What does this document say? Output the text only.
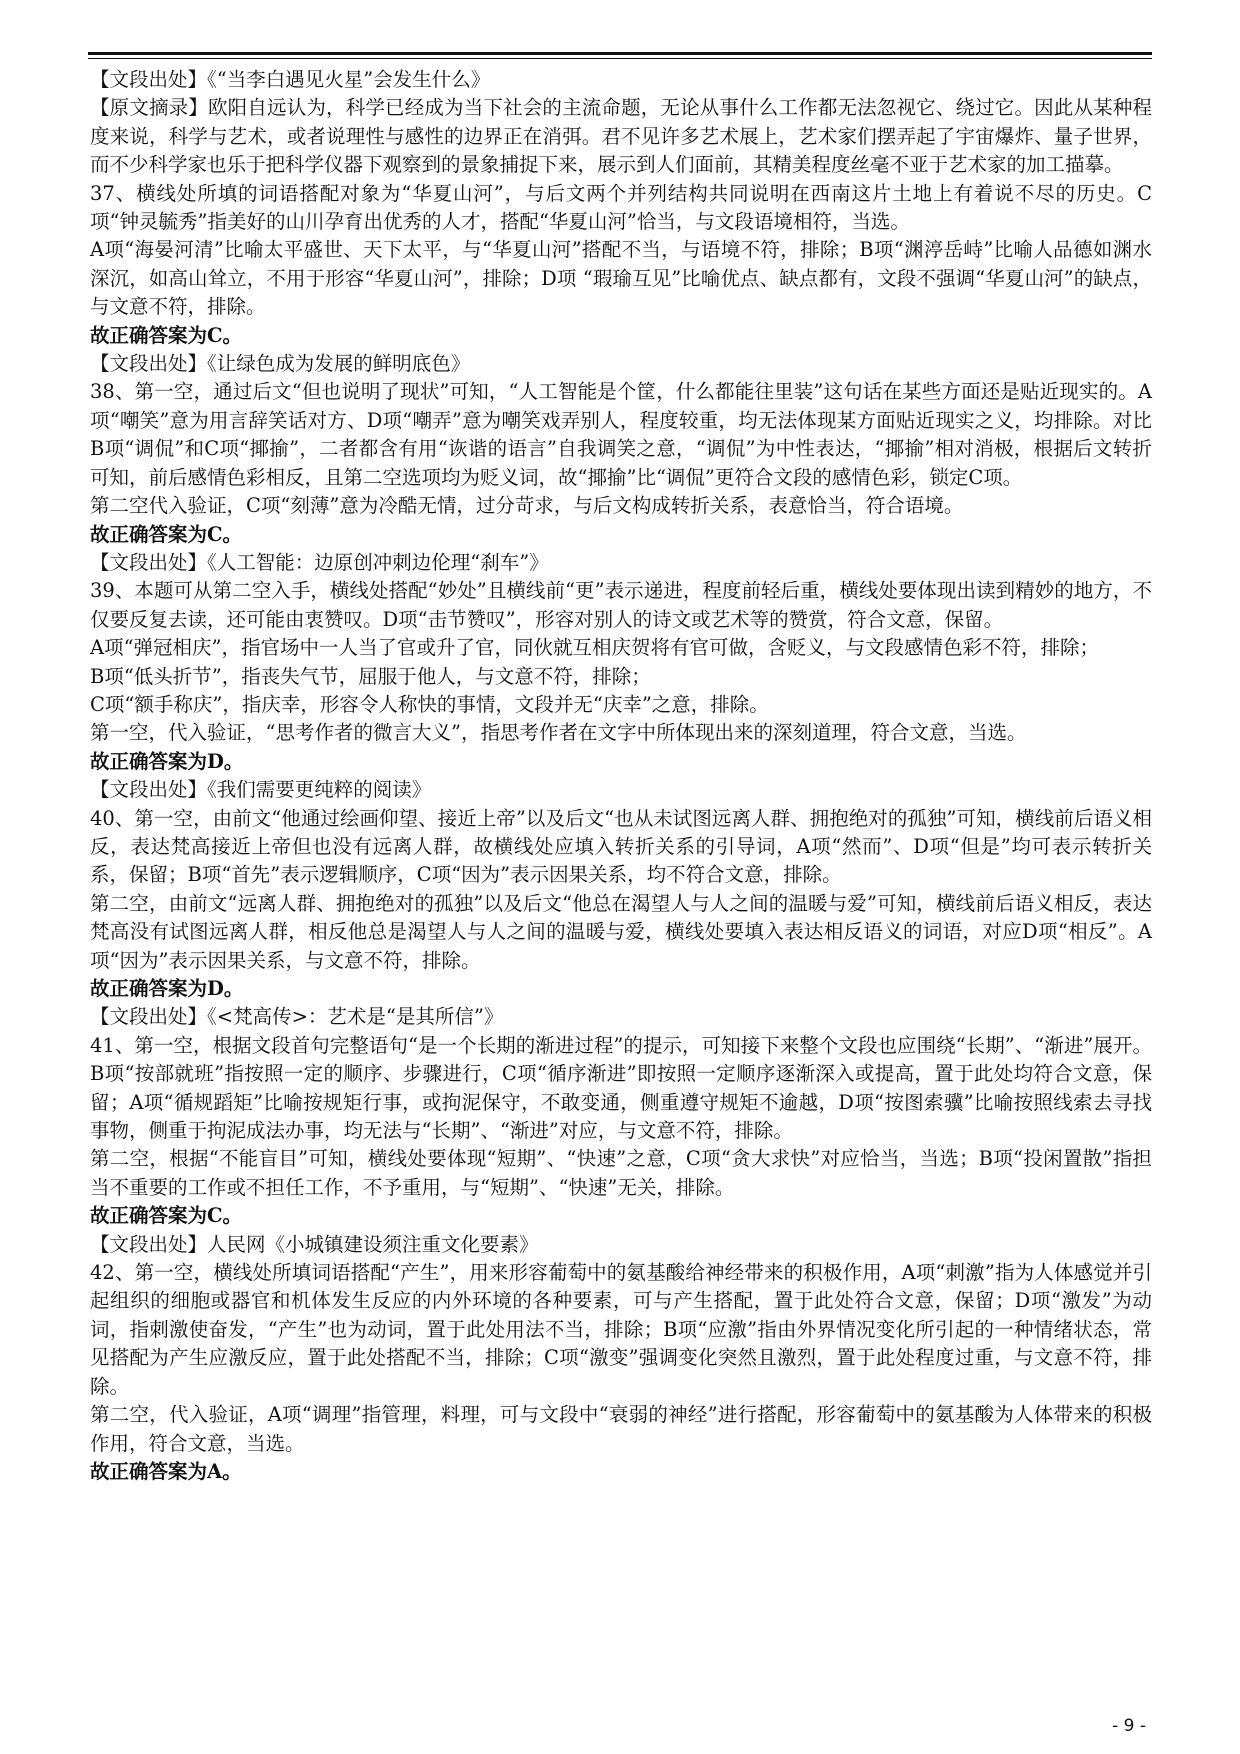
【文段出处】《“当李白遇见火星”会发生什么》

【原文摘录】欧阳自远认为，科学已经成为当下社会的主流命题，无论从事什么工作都无法忽视它、绕过它。因此从某种程度来说，科学与艺术，或者说理性与感性的边界正在消弭。君不见许多艺术展上，艺术家们摆弄起了宇宙爆炸、量子世界，而不少科学家也乐于把科学仪器下观察到的景象捕捉下来，展示到人们面前，其精美程度丝毫不亚于艺术家的加工描摹。

37、横线处所填的词语搭配对象为“华夏山河”，与后文两个并列结构共同说明在西南这片土地上有着说不尽的历史。C项“钟灵毓秀”指美好的山川孕育出优秀的人才，搭配“华夏山河”恰当，与文段语境相符，当选。

A项“海晏河清”比喻太平盛世、天下太平，与“华夏山河”搭配不当，与语境不符，排除；B项“渊渟岳峙”比喻人品德如渊水深沉，如高山耸立，不用于形容“华夏山河”，排除；D项 “瑕瑜互见”比喻优点、缺点都有，文段不强调“华夏山河”的缺点，与文意不符，排除。

故正确答案为C。

【文段出处】《让绿色成为发展的鲜明底色》

38、第一空，通过后文“但也说明了现状”可知，“人工智能是个筐，什么都能往里装”这句话在某些方面还是贴近现实的。A项“嘲笑”意为用言辞笑话对方、D项“嘲弄”意为嘲笑戏弄别人，程度较重，均无法体现某方面贴近现实之义，均排除。对比B项“调侃”和C项“揶揄”，二者都含有用“诙谐的语言”自我调笑之意，“调侃”为中性表达，“揶揄”相对消极，根据后文转折可知，前后感情色彩相反，且第二空选项均为贬义词，故“揶揄”比“调侃”更符合文段的感情色彩，锁定C项。

第二空代入验证，C项“刻薄”意为冷酷无情，过分苛求，与后文构成转折关系，表意恰当，符合语境。

故正确答案为C。

【文段出处】《人工智能：边原创冲刺边伦理“刹车”》

39、本题可从第二空入手，横线处搭配“妙处”且横线前“更”表示递进，程度前轻后重，横线处要体现出读到精妙的地方，不仅要反复去读，还可能由衷赞叹。D项“击节赞叹”，形容对别人的诗文或艺术等的赞赏，符合文意，保留。

A项“弹冠相庆”，指官场中一人当了官或升了官，同伙就互相庆贺将有官可做，含贬义，与文段感情色彩不符，排除；

B项“低头折节”，指丧失气节，屈服于他人，与文意不符，排除；

C项“额手称庆”，指庆幸，形容令人称快的事情，文段并无“庆幸”之意，排除。

第一空，代入验证，“思考作者的微言大义”，指思考作者在文字中所体现出来的深刻道理，符合文意，当选。

故正确答案为D。

【文段出处】《我们需要更纯粹的阅读》

40、第一空，由前文“他通过绘画仰望、接近上帝”以及后文“也从未试图远离人群、拥抱绝对的孤独”可知，横线前后语义相反，表达梵高接近上帝但也没有远离人群，故横线处应填入转折关系的引导词，A项“然而”、D项“但是”均可表示转折关系，保留；B项“首先”表示逻辑顺序，C项“因为”表示因果关系，均不符合文意，排除。

第二空，由前文“远离人群、拥抱绝对的孤独”以及后文“他总在渴望人与人之间的温暖与爱”可知，横线前后语义相反，表达梵高没有试图远离人群，相反他总是渴望人与人之间的温暖与爱，横线处要填入表达相反语义的词语，对应D项“相反”。A项“因为”表示因果关系，与文意不符，排除。

故正确答案为D。

【文段出处】《<梵高传>：艺术是“是其所信”》

41、第一空，根据文段首句完整语句“是一个长期的渐进过程”的提示，可知接下来整个文段也应围绕“长期”、“渐进”展开。B项“按部就班”指按照一定的顺序、步骤进行，C项“循序渐进”即按照一定顺序逐渐深入或提高，置于此处均符合文意，保留；A项“循规蹈矩”比喻按规矩行事，或拘泥保守，不敢变通，侧重遵守规矩不逾越，D项“按图索骥”比喻按照线索去寻找事物，侧重于拘泥成法办事，均无法与“长期”、“渐进”对应，与文意不符，排除。

第二空，根据“不能盲目”可知，横线处要体现“短期”、“快速”之意，C项“贪大求快”对应恰当，当选；B项“投闲置散”指担当不重要的工作或不担任工作，不予重用，与“短期”、“快速”无关，排除。

故正确答案为C。

【文段出处】人民网《小城镇建设须注重文化要素》

42、第一空，横线处所填词语搭配“产生”，用来形容葡萄中的氨基酸给神经带来的积极作用，A项“刺激”指为人体感觉并引起组织的细胞或器官和机体发生反应的内外环境的各种要素，可与产生搭配，置于此处符合文意，保留；D项“激发”为动词，指刺激使奋发，“产生”也为动词，置于此处用法不当，排除；B项“应激”指由外界情况变化所引起的一种情绪状态，常见搭配为产生应激反应，置于此处搭配不当，排除；C项“激变”强调变化突然且激烈，置于此处程度过重，与文意不符，排除。

第二空，代入验证，A项“调理”指管理，料理，可与文段中“衰弱的神经”进行搭配，形容葡萄中的氨基酸为人体带来的积极作用，符合文意，当选。

故正确答案为A。

- 9 -
